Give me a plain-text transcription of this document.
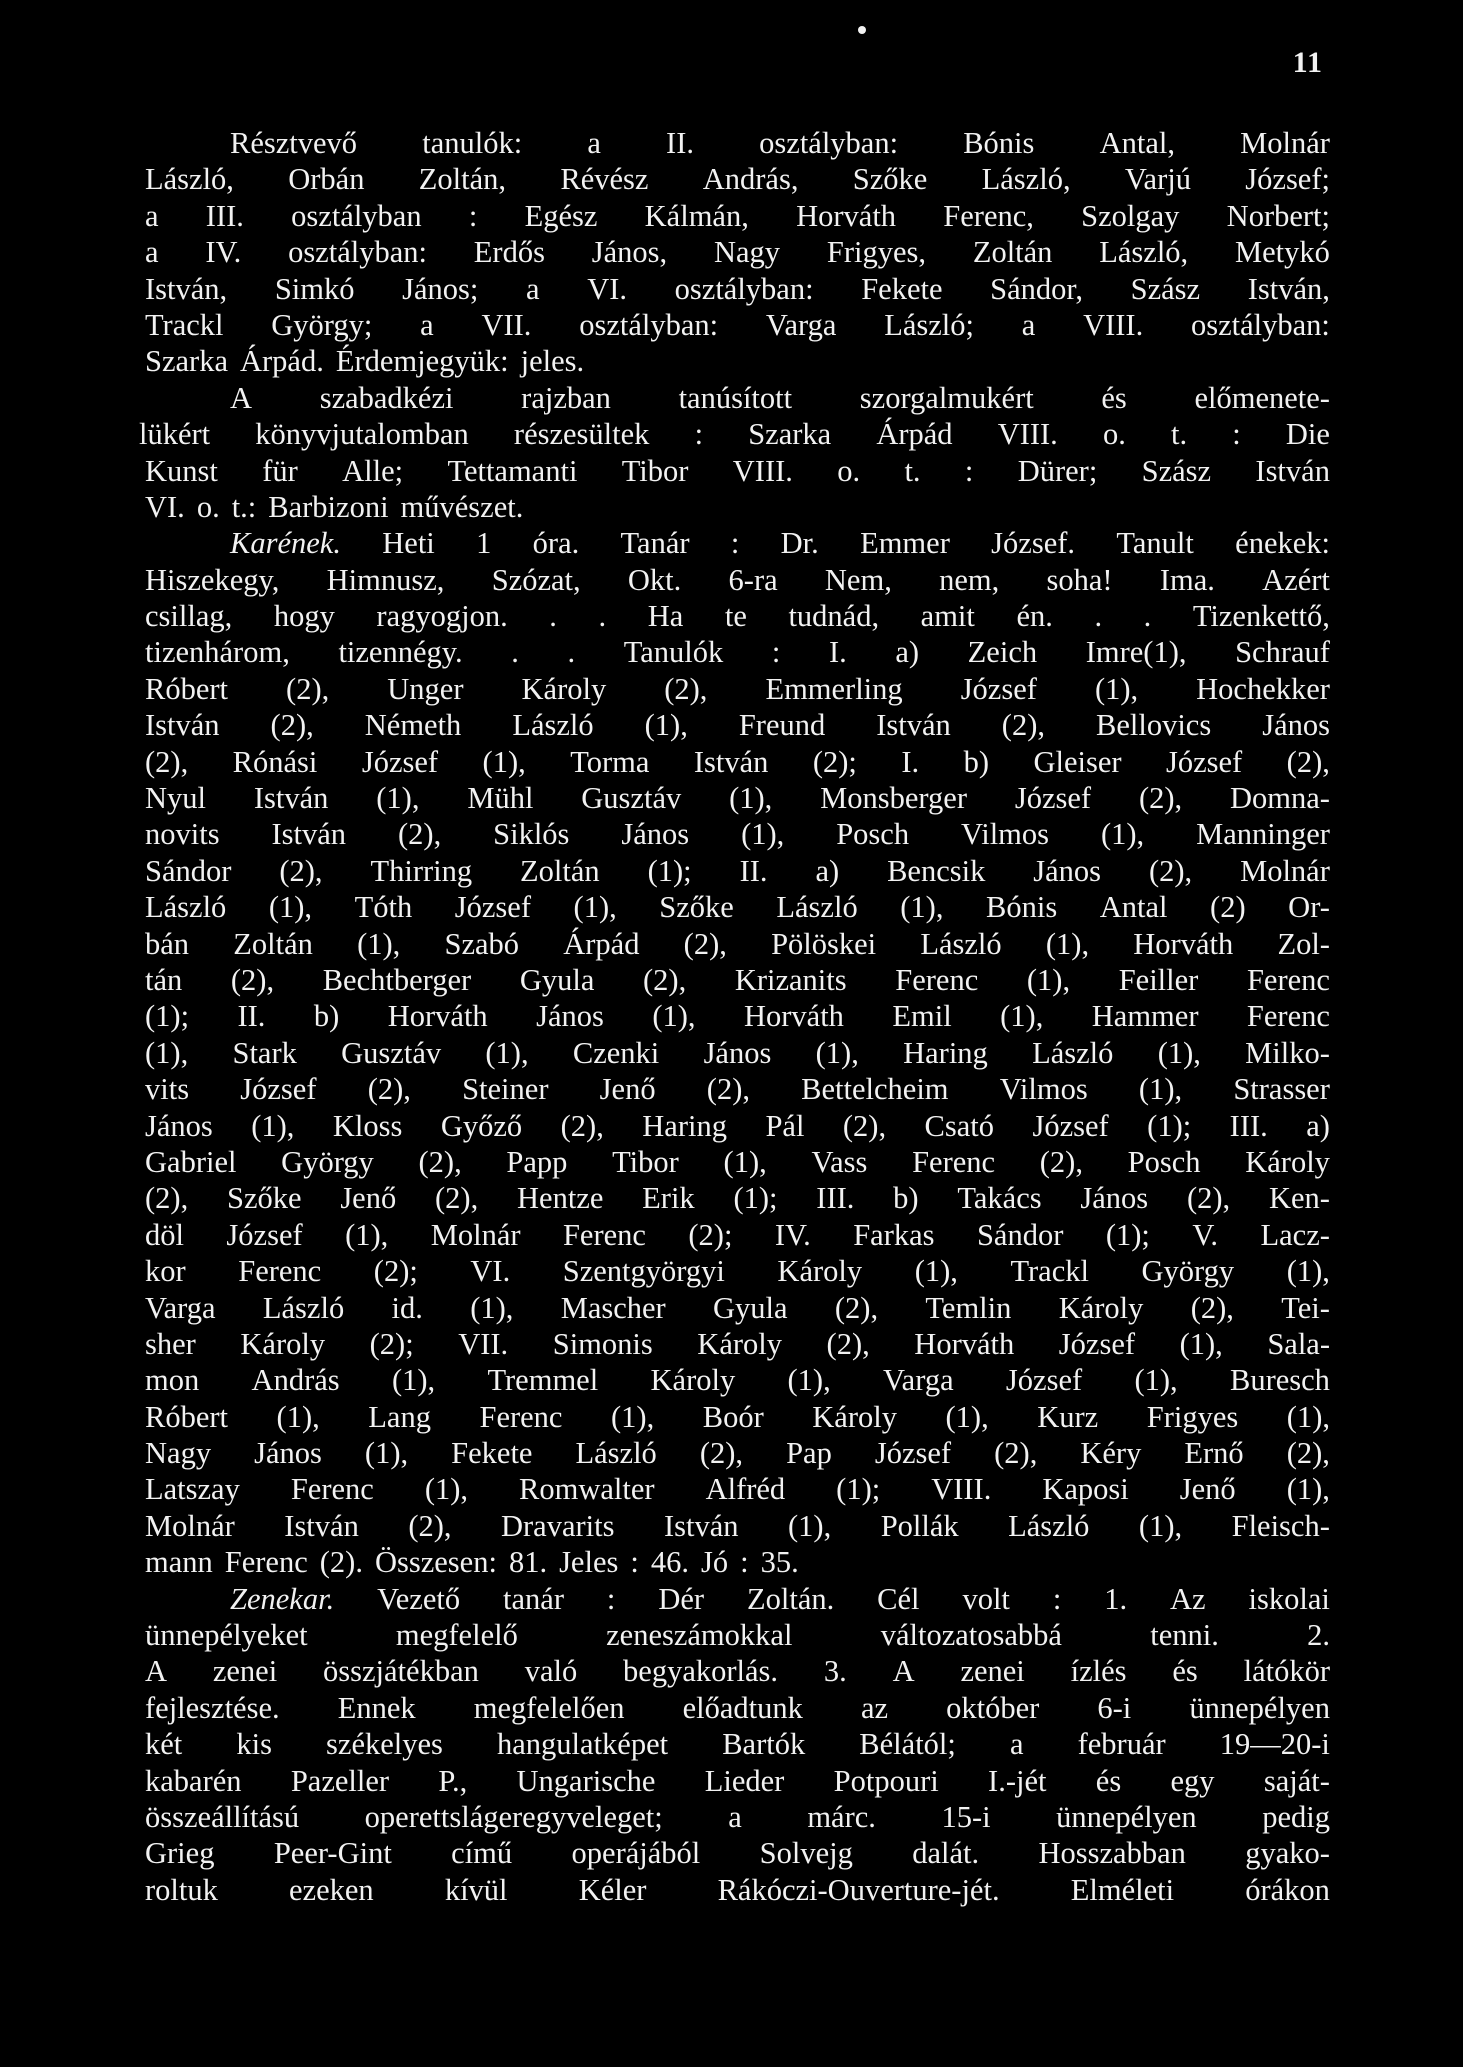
11
Résztvevő tanulók: a II. osztályban: Bónis Antal, Molnár
László, Orbán Zoltán, Révész András, Szőke László, Varjú József;
a III. osztályban : Egész Kálmán, Horváth Ferenc, Szolgay Norbert;
a IV. osztályban: Erdős János, Nagy Frigyes, Zoltán László, Metykó
István, Simkó János; a VI. osztályban: Fekete Sándor, Szász István,
Trackl György; a VII. osztályban: Varga László; a VIII. osztályban:
Szarka Árpád. Érdemjegyük: jeles.
A szabadkézi rajzban tanúsított szorgalmukért és előmenete-
lükért könyvjutalomban részesültek : Szarka Árpád VIII. o. t. : Die
Kunst für Alle; Tettamanti Tibor VIII. o. t. : Dürer; Szász István
VI. o. t.: Barbizoni művészet.
Karének. Heti 1 óra. Tanár : Dr. Emmer József. Tanult énekek:
Hiszekegy, Himnusz, Szózat, Okt. 6-ra Nem, nem, soha! Ima. Azért
csillag, hogy ragyogjon. . . Ha te tudnád, amit én. . . Tizenkettő,
tizenhárom, tizennégy. . . Tanulók : I. a) Zeich Imre(1), Schrauf
Róbert (2), Unger Károly (2), Emmerling József (1), Hochekker
István (2), Németh László (1), Freund István (2), Bellovics János
(2), Rónási József (1), Torma István (2); I. b) Gleiser József (2),
Nyul István (1), Mühl Gusztáv (1), Monsberger József (2), Domna-
novits István (2), Siklós János (1), Posch Vilmos (1), Manninger
Sándor (2), Thirring Zoltán (1); II. a) Bencsik János (2), Molnár
László (1), Tóth József (1), Szőke László (1), Bónis Antal (2) Or-
bán Zoltán (1), Szabó Árpád (2), Pölöskei László (1), Horváth Zol-
tán (2), Bechtberger Gyula (2), Krizanits Ferenc (1), Feiller Ferenc
(1); II. b) Horváth János (1), Horváth Emil (1), Hammer Ferenc
(1), Stark Gusztáv (1), Czenki János (1), Haring László (1), Milko-
vits József (2), Steiner Jenő (2), Bettelcheim Vilmos (1), Strasser
János (1), Kloss Győző (2), Haring Pál (2), Csató József (1); III. a)
Gabriel György (2), Papp Tibor (1), Vass Ferenc (2), Posch Károly
(2), Szőke Jenő (2), Hentze Erik (1); III. b) Takács János (2), Ken-
döl József (1), Molnár Ferenc (2); IV. Farkas Sándor (1); V. Lacz-
kor Ferenc (2); VI. Szentgyörgyi Károly (1), Trackl György (1),
Varga László id. (1), Mascher Gyula (2), Temlin Károly (2), Tei-
sher Károly (2); VII. Simonis Károly (2), Horváth József (1), Sala-
mon András (1), Tremmel Károly (1), Varga József (1), Buresch
Róbert (1), Lang Ferenc (1), Boór Károly (1), Kurz Frigyes (1),
Nagy János (1), Fekete László (2), Pap József (2), Kéry Ernő (2),
Latszay Ferenc (1), Romwalter Alfréd (1); VIII. Kaposi Jenő (1),
Molnár István (2), Dravarits István (1), Pollák László (1), Fleisch-
mann Ferenc (2). Összesen: 81. Jeles : 46. Jó : 35.
Zenekar. Vezető tanár : Dér Zoltán. Cél volt : 1. Az iskolai
ünnepélyeket	megfelelő	zeneszámokkal	változatosabbá	tenni.	2.
A zenei összjátékban való begyakorlás. 3. A zenei ízlés és látókör
fejlesztése. Ennek megfelelően előadtunk az október 6-i ünnepélyen
két kis székelyes hangulatképet Bartók Bélától; a február 19—20-i
kabarén Pazeller P., Ungarische Lieder Potpouri I.-jét és egy saját-
összeállítású operettslágeregyveleget; a márc. 15-i ünnepélyen pedig
Grieg Peer-Gint című operájából Solvejg dalát. Hosszabban gyako-
roltuk ezeken kívül Kéler Rákóczi-Ouverture-jét. Elméleti órákon
